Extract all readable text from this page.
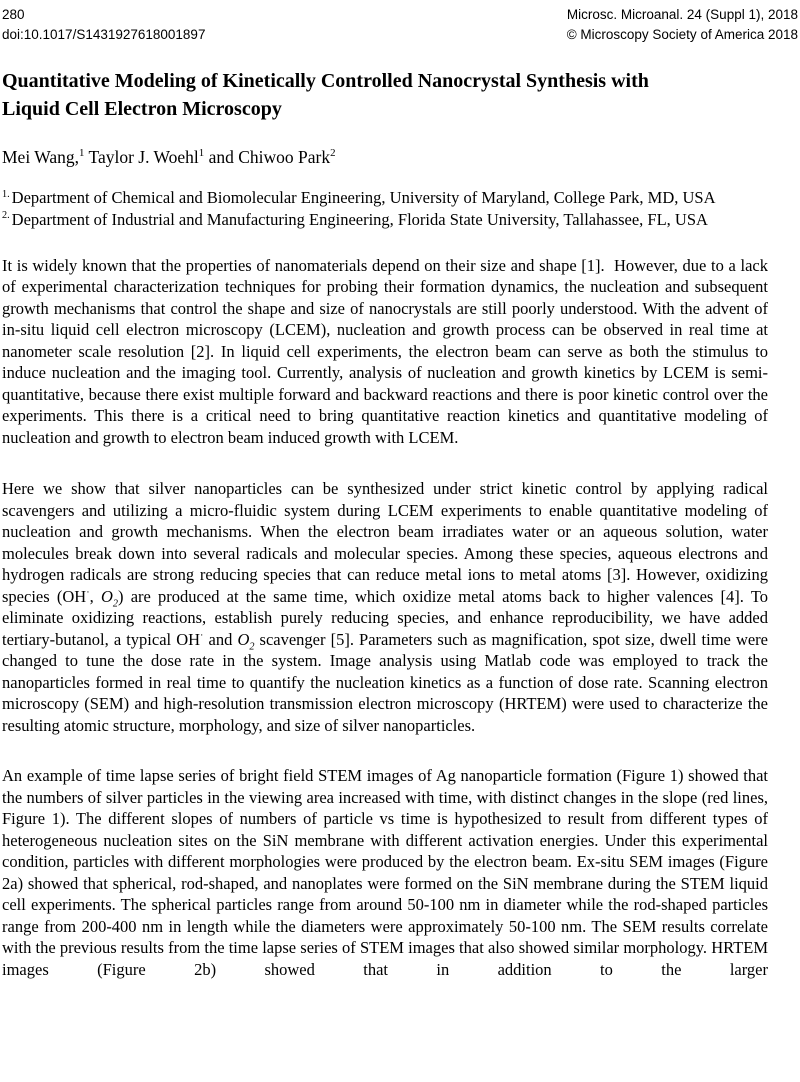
280
doi:10.1017/S1431927618001897
Microsc. Microanal. 24 (Suppl 1), 2018
© Microscopy Society of America 2018
Quantitative Modeling of Kinetically Controlled Nanocrystal Synthesis with
Liquid Cell Electron Microscopy
Mei Wang,$^1$ Taylor J. Woehl$^1$ and Chiwoo Park$^2$
$^{1.}$ Department of Chemical and Biomolecular Engineering, University of Maryland, College Park, MD, USA
$^{2.}$ Department of Industrial and Manufacturing Engineering, Florida State University, Tallahassee, FL, USA

It is widely known that the properties of nanomaterials depend on their size and shape [1].  However, due to a lack of experimental characterization techniques for probing their formation dynamics, the nucleation and subsequent growth mechanisms that control the shape and size of nanocrystals are still poorly understood. With the advent of in-situ liquid cell electron microscopy (LCEM), nucleation and growth process can be observed in real time at nanometer scale resolution [2]. In liquid cell experiments, the electron beam can serve as both the stimulus to induce nucleation and the imaging tool. Currently, analysis of nucleation and growth kinetics by LCEM is semi-quantitative, because there exist multiple forward and backward reactions and there is poor kinetic control over the experiments. This there is a critical need to bring quantitative reaction kinetics and quantitative modeling of nucleation and growth to electron beam induced growth with LCEM.

Here we show that silver nanoparticles can be synthesized under strict kinetic control by applying radical scavengers and utilizing a micro-fluidic system during LCEM experiments to enable quantitative modeling of nucleation and growth mechanisms. When the electron beam irradiates water or an aqueous solution, water molecules break down into several radicals and molecular species. Among these species, aqueous electrons and hydrogen radicals are strong reducing species that can reduce metal ions to metal atoms [3]. However, oxidizing species (OH·, $O_2$) are produced at the same time, which oxidize metal atoms back to higher valences [4]. To eliminate oxidizing reactions, establish purely reducing species, and enhance reproducibility, we have added tertiary-butanol, a typical OH· and $O_2$ scavenger [5]. Parameters such as magnification, spot size, dwell time were changed to tune the dose rate in the system. Image analysis using Matlab code was employed to track the nanoparticles formed in real time to quantify the nucleation kinetics as a function of dose rate. Scanning electron microscopy (SEM) and high-resolution transmission electron microscopy (HRTEM) were used to characterize the resulting atomic structure, morphology, and size of silver nanoparticles.

An example of time lapse series of bright field STEM images of Ag nanoparticle formation (Figure 1) showed that the numbers of silver particles in the viewing area increased with time, with distinct changes in the slope (red lines, Figure 1). The different slopes of numbers of particle vs time is hypothesized to result from different types of heterogeneous nucleation sites on the SiN membrane with different activation energies. Under this experimental condition, particles with different morphologies were produced by the electron beam. Ex-situ SEM images (Figure 2a) showed that spherical, rod-shaped, and nanoplates were formed on the SiN membrane during the STEM liquid cell experiments. The spherical particles range from around 50-100 nm in diameter while the rod-shaped particles range from 200-400 nm in length while the diameters were approximately 50-100 nm. The SEM results correlate with the previous results from the time lapse series of STEM images that also showed similar morphology. HRTEM images (Figure 2b) showed that in addition to the larger
